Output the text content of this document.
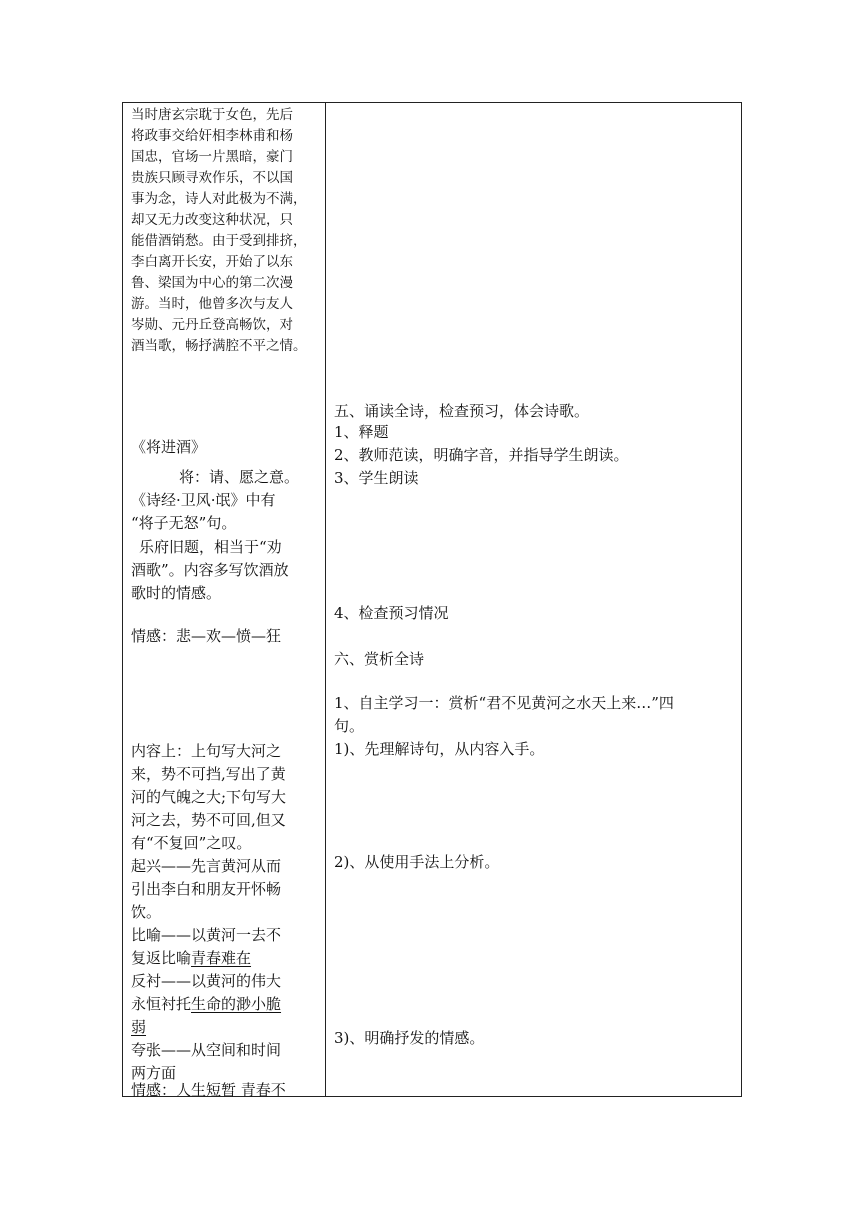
当时唐玄宗耽于女色，先后

将政事交给奸相李林甫和杨

国忠，官场一片黑暗，豪门

贵族只顾寻欢作乐，不以国

事为念，诗人对此极为不满，

却又无力改变这种状况，只

能借酒销愁。由于受到排挤，

李白离开长安，开始了以东

鲁、梁国为中心的第二次漫

游。当时，他曾多次与友人

岑勋、元丹丘登高畅饮，对

酒当歌，畅抒满腔不平之情。

《将进酒》

将：请、愿之意。

《诗经·卫风·氓》中有

“将子无怒”句。

乐府旧题，相当于“劝

酒歌”。内容多写饮酒放

歌时的情感。

情感：悲—欢—愤—狂

内容上：上句写大河之

来，势不可挡,写出了黄

河的气魄之大;下句写大

河之去，势不可回,但又

有“不复回”之叹。

起兴——先言黄河从而

引出李白和朋友开怀畅

饮。

比喻——以黄河一去不

复返比喻青春难在

反衬——以黄河的伟大

永恒衬托生命的渺小脆

弱

夸张——从空间和时间

两方面

情感：人生短暂 青春不

五、诵读全诗，检查预习，体会诗歌。

1、释题

2、教师范读，明确字音，并指导学生朗读。

3、学生朗读

4、检查预习情况

六、赏析全诗

1、自主学习一：赏析“君不见黄河之水天上来…”四

句。

1)、先理解诗句，从内容入手。

2)、从使用手法上分析。

3)、明确抒发的情感。
